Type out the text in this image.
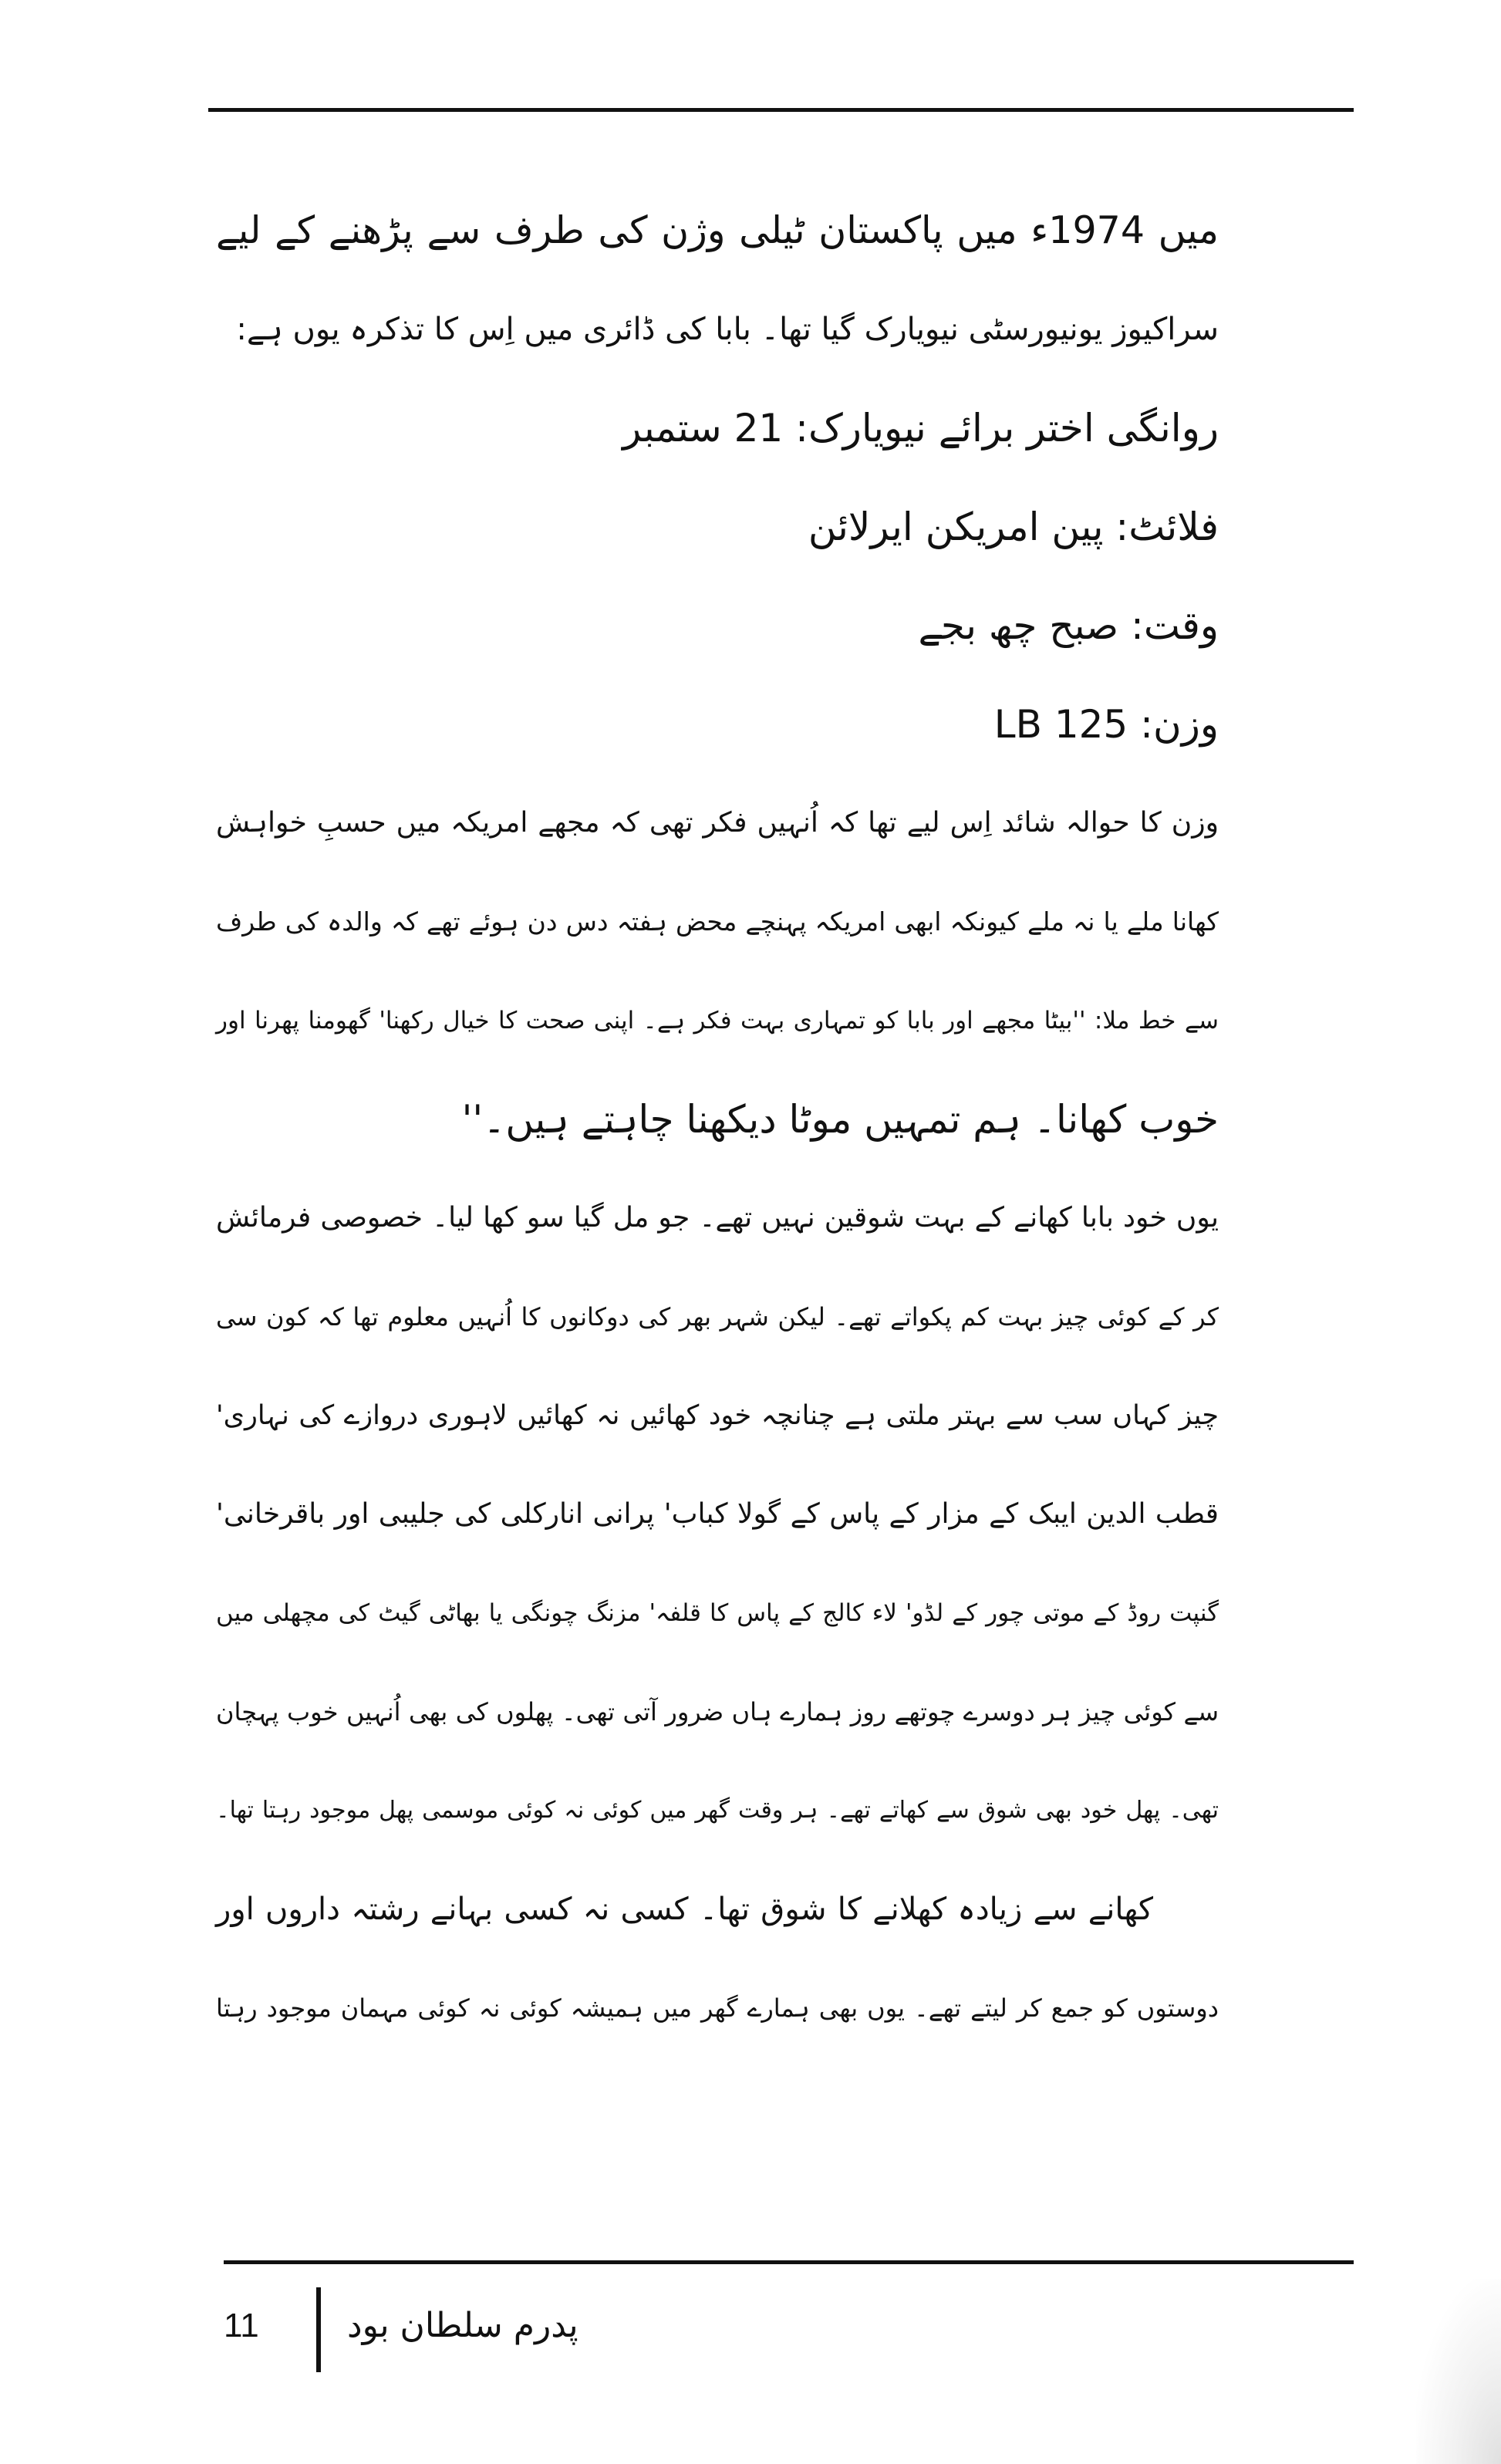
میں 1974ء میں پاکستان ٹیلی وژن کی طرف سے پڑھنے کے لیے
سراکیوز یونیورسٹی نیویارک گیا تھا۔ بابا کی ڈائری میں اِس کا تذکرہ یوں ہے:
روانگی اختر برائے نیویارک: 21 ستمبر
فلائٹ: پین امریکن ایرلائن
وقت: صبح چھ بجے
وزن: 125 LB
وزن کا حوالہ شائد اِس لیے تھا کہ اُنہیں فکر تھی کہ مجھے امریکہ میں حسبِ خواہش
کھانا ملے یا نہ ملے کیونکہ ابھی امریکہ پہنچے محض ہفتہ دس دن ہوئے تھے کہ والدہ کی طرف
سے خط ملا: ''بیٹا مجھے اور بابا کو تمہاری بہت فکر ہے۔ اپنی صحت کا خیال رکھنا' گھومنا پھرنا اور
خوب کھانا۔ ہم تمہیں موٹا دیکھنا چاہتے ہیں۔''
یوں خود بابا کھانے کے بہت شوقین نہیں تھے۔ جو مل گیا سو کھا لیا۔ خصوصی فرمائش
کر کے کوئی چیز بہت کم پکواتے تھے۔ لیکن شہر بھر کی دوکانوں کا اُنہیں معلوم تھا کہ کون سی
چیز کہاں سب سے بہتر ملتی ہے چنانچہ خود کھائیں نہ کھائیں لاہوری دروازے کی نہاری'
قطب الدین ایبک کے مزار کے پاس کے گولا کباب' پرانی انارکلی کی جلیبی اور باقرخانی'
گنپت روڈ کے موتی چور کے لڈو' لاء کالج کے پاس کا قلفہ' مزنگ چونگی یا بھاٹی گیٹ کی مچھلی میں
سے کوئی چیز ہر دوسرے چوتھے روز ہمارے ہاں ضرور آتی تھی۔ پھلوں کی بھی اُنہیں خوب پہچان
تھی۔ پھل خود بھی شوق سے کھاتے تھے۔ ہر وقت گھر میں کوئی نہ کوئی موسمی پھل موجود رہتا تھا۔
کھانے سے زیادہ کھلانے کا شوق تھا۔ کسی نہ کسی بہانے رشتہ داروں اور
دوستوں کو جمع کر لیتے تھے۔ یوں بھی ہمارے گھر میں ہمیشہ کوئی نہ کوئی مہمان موجود رہتا
11	پدرم سلطان بود
